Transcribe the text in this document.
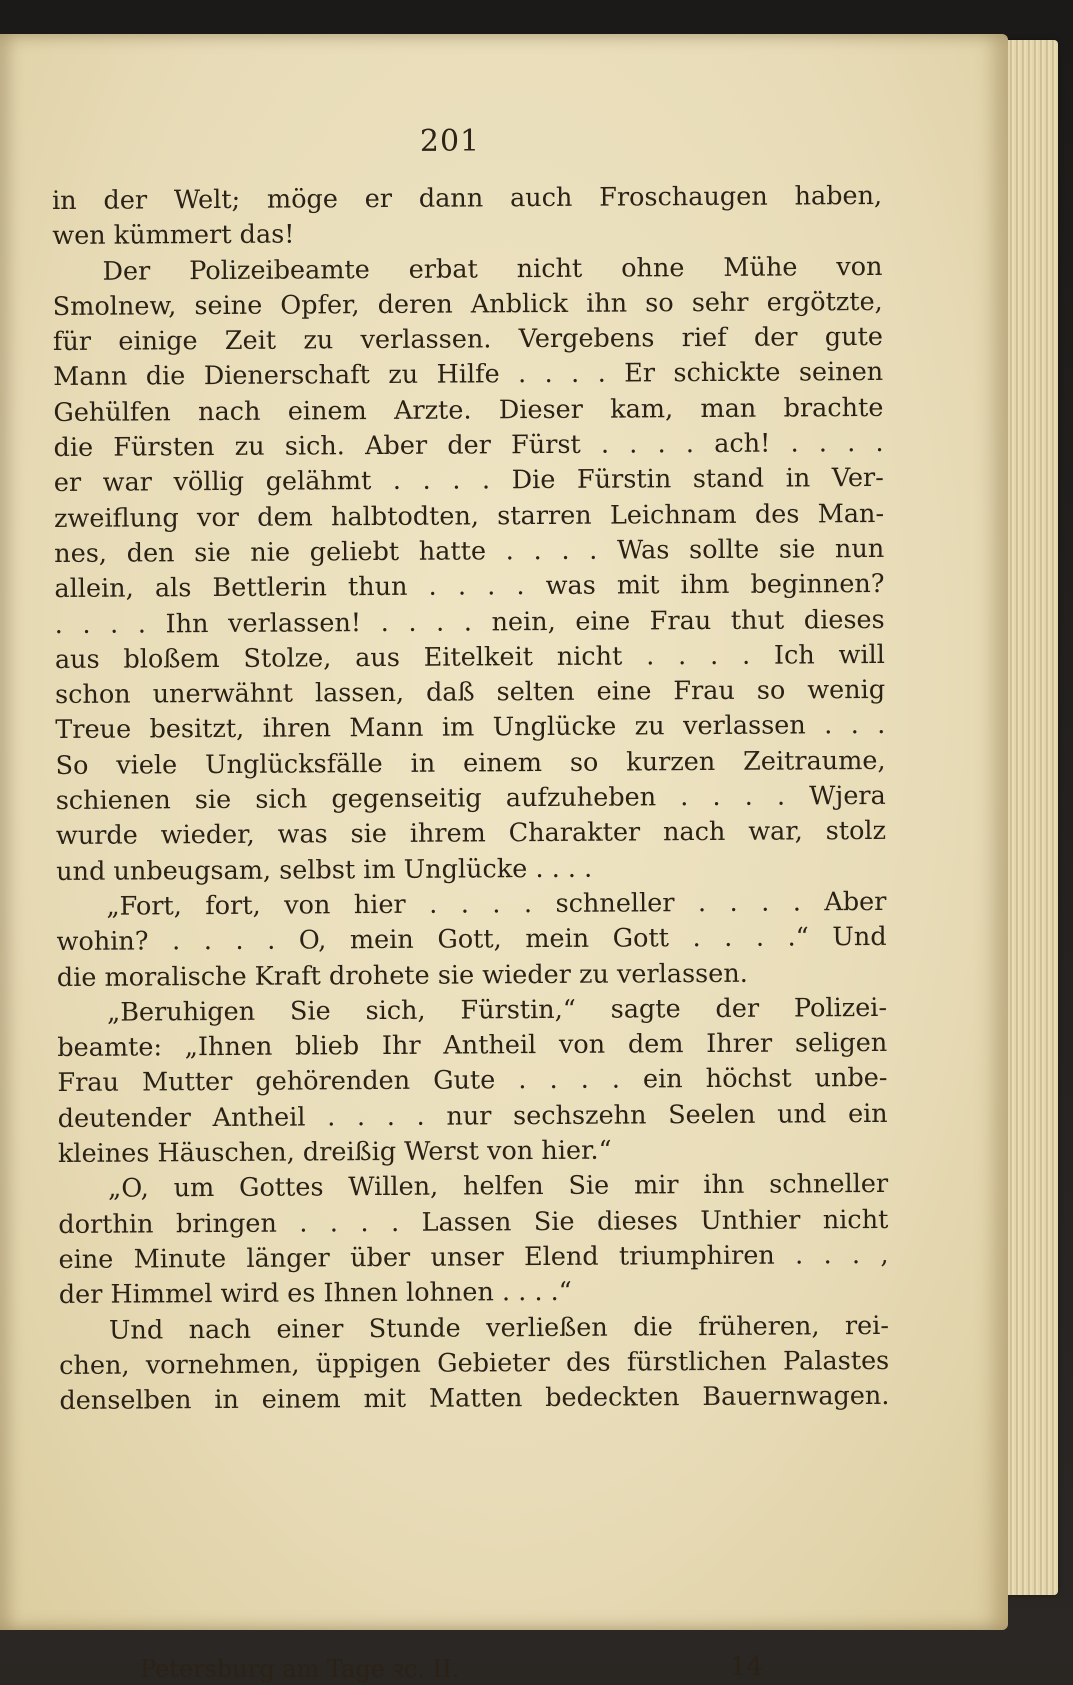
201
in der Welt; möge er dann auch Froschaugen haben,
wen kümmert das!
Der Polizeibeamte erbat nicht ohne Mühe von
Smolnew, seine Opfer, deren Anblick ihn so sehr ergötzte,
für einige Zeit zu verlassen. Vergebens rief der gute
Mann die Dienerschaft zu Hilfe . . . . Er schickte seinen
Gehülfen nach einem Arzte. Dieser kam, man brachte
die Fürsten zu sich. Aber der Fürst . . . . ach! . . . .
er war völlig gelähmt . . . . Die Fürstin stand in Ver-
zweiflung vor dem halbtodten, starren Leichnam des Man-
nes, den sie nie geliebt hatte . . . . Was sollte sie nun
allein, als Bettlerin thun . . . . was mit ihm beginnen?
. . . . Ihn verlassen! . . . . nein, eine Frau thut dieses
aus bloßem Stolze, aus Eitelkeit nicht . . . . Ich will
schon unerwähnt lassen, daß selten eine Frau so wenig
Treue besitzt, ihren Mann im Unglücke zu verlassen . . .
So viele Unglücksfälle in einem so kurzen Zeitraume,
schienen sie sich gegenseitig aufzuheben . . . . Wjera
wurde wieder, was sie ihrem Charakter nach war, stolz
und unbeugsam, selbst im Unglücke . . . .
„Fort, fort, von hier . . . . schneller . . . . Aber
wohin? . . . . O, mein Gott, mein Gott . . . .“ Und
die moralische Kraft drohete sie wieder zu verlassen.
„Beruhigen Sie sich, Fürstin,“ sagte der Polizei-
beamte: „Ihnen blieb Ihr Antheil von dem Ihrer seligen
Frau Mutter gehörenden Gute . . . . ein höchst unbe-
deutender Antheil . . . . nur sechszehn Seelen und ein
kleines Häuschen, dreißig Werst von hier.“
„O, um Gottes Willen, helfen Sie mir ihn schneller
dorthin bringen . . . . Lassen Sie dieses Unthier nicht
eine Minute länger über unser Elend triumphiren . . . ,
der Himmel wird es Ihnen lohnen . . . .“
Und nach einer Stunde verließen die früheren, rei-
chen, vornehmen, üppigen Gebieter des fürstlichen Palastes
denselben in einem mit Matten bedeckten Bauernwagen.
Petersburg am Tage ꝛc. II.	14
